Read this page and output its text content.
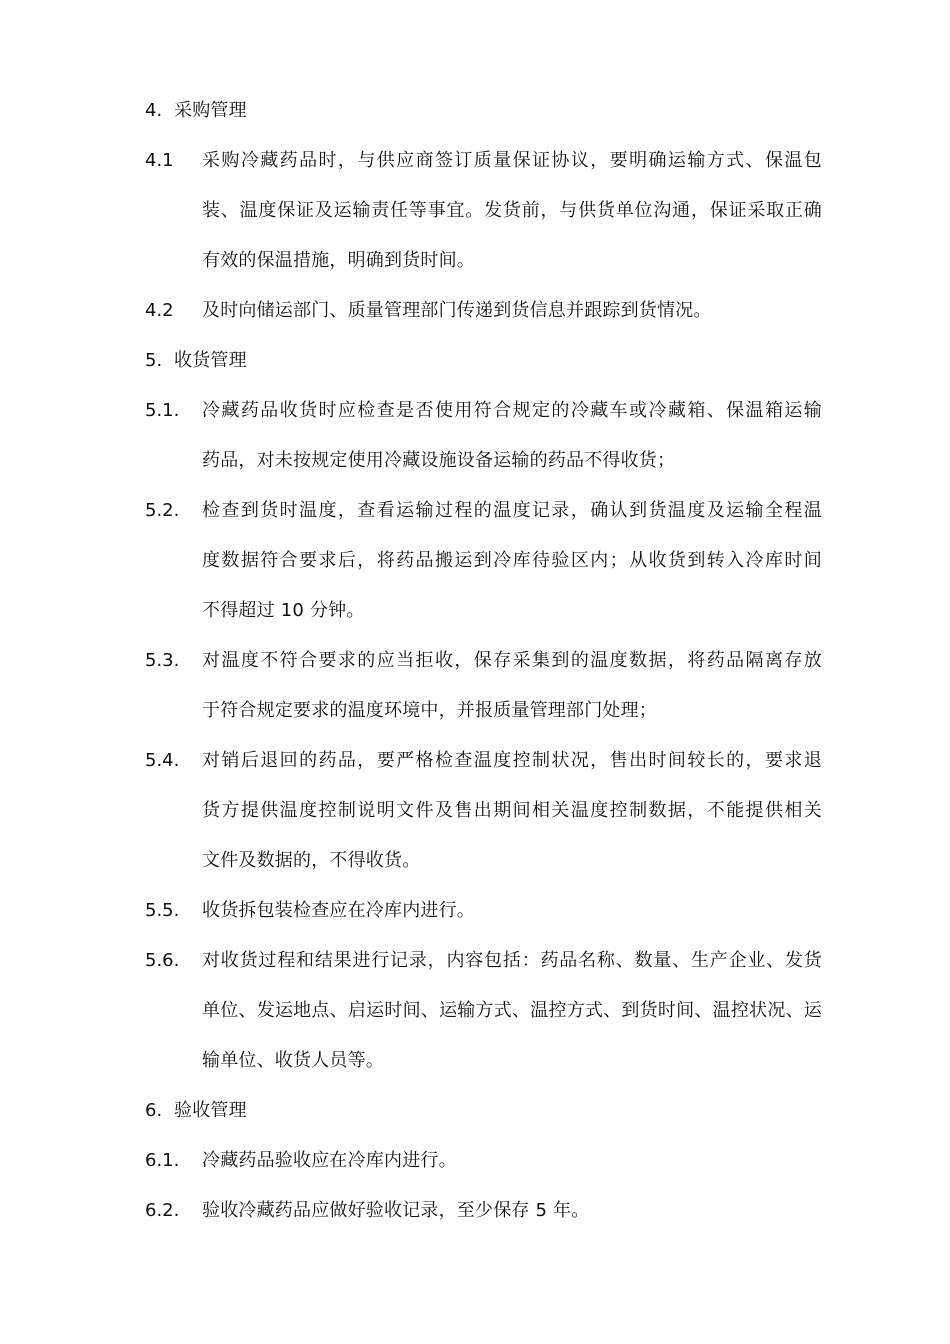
4. 采购管理
4.1 采购冷藏药品时，与供应商签订质量保证协议，要明确运输方式、保温包
装、温度保证及运输责任等事宜。发货前，与供货单位沟通，保证采取正确
有效的保温措施，明确到货时间。
4.2 及时向储运部门、质量管理部门传递到货信息并跟踪到货情况。
5. 收货管理
5.1. 冷藏药品收货时应检查是否使用符合规定的冷藏车或冷藏箱、保温箱运输
药品，对未按规定使用冷藏设施设备运输的药品不得收货；
5.2. 检查到货时温度，查看运输过程的温度记录，确认到货温度及运输全程温
度数据符合要求后，将药品搬运到冷库待验区内；从收货到转入冷库时间
不得超过 10 分钟。
5.3. 对温度不符合要求的应当拒收，保存采集到的温度数据，将药品隔离存放
于符合规定要求的温度环境中，并报质量管理部门处理；
5.4. 对销后退回的药品，要严格检查温度控制状况，售出时间较长的，要求退
货方提供温度控制说明文件及售出期间相关温度控制数据，不能提供相关
文件及数据的，不得收货。
5.5. 收货拆包装检查应在冷库内进行。
5.6. 对收货过程和结果进行记录，内容包括：药品名称、数量、生产企业、发货
单位、发运地点、启运时间、运输方式、温控方式、到货时间、温控状况、运
输单位、收货人员等。
6. 验收管理
6.1. 冷藏药品验收应在冷库内进行。
6.2. 验收冷藏药品应做好验收记录，至少保存 5 年。
